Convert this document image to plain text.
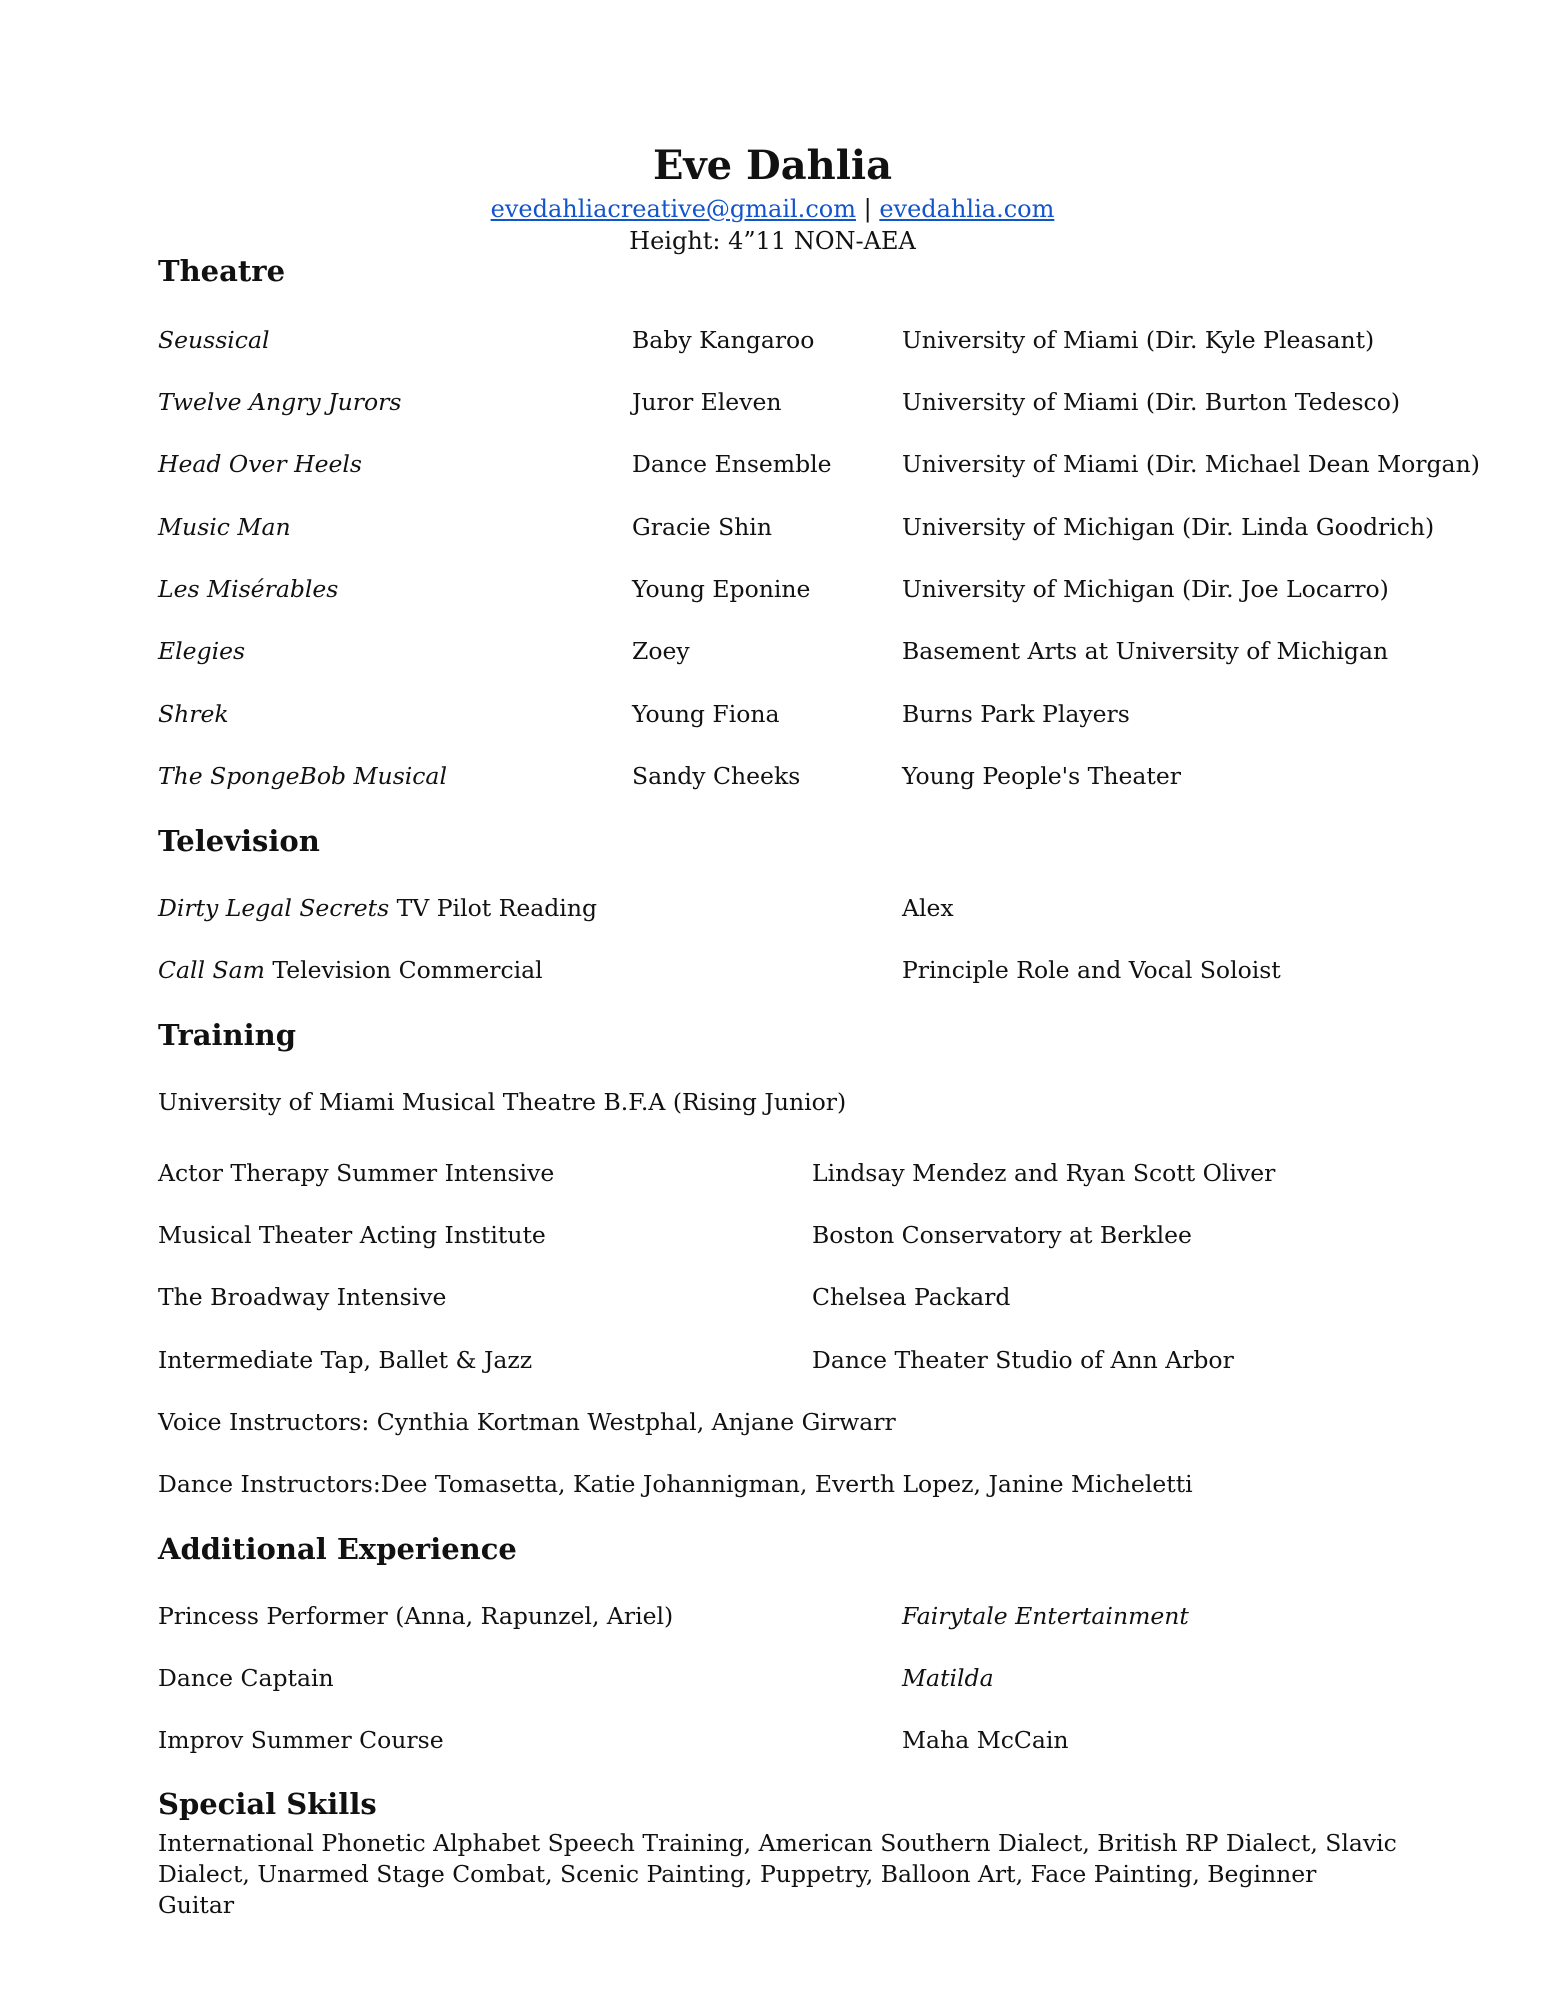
Eve Dahlia
evedahliacreative@gmail.com | evedahlia.com
Height: 4”11 NON-AEA
Theatre
Seussical	Baby Kangaroo	University of Miami (Dir. Kyle Pleasant)
Twelve Angry Jurors	Juror Eleven	University of Miami (Dir. Burton Tedesco)
Head Over Heels	Dance Ensemble	University of Miami (Dir. Michael Dean Morgan)
Music Man	Gracie Shin	University of Michigan (Dir. Linda Goodrich)
Les Misérables	Young Eponine	University of Michigan (Dir. Joe Locarro)
Elegies	Zoey	Basement Arts at University of Michigan
Shrek	Young Fiona	Burns Park Players
The SpongeBob Musical	Sandy Cheeks	Young People's Theater
Television
Dirty Legal Secrets TV Pilot Reading	Alex
Call Sam Television Commercial	Principle Role and Vocal Soloist
Training
University of Miami Musical Theatre B.F.A (Rising Junior)
Actor Therapy Summer Intensive	Lindsay Mendez and Ryan Scott Oliver
Musical Theater Acting Institute	Boston Conservatory at Berklee
The Broadway Intensive	Chelsea Packard
Intermediate Tap, Ballet & Jazz	Dance Theater Studio of Ann Arbor
Voice Instructors: Cynthia Kortman Westphal, Anjane Girwarr
Dance Instructors:Dee Tomasetta, Katie Johannigman, Everth Lopez, Janine Micheletti
Additional Experience
Princess Performer (Anna, Rapunzel, Ariel)	Fairytale Entertainment
Dance Captain	Matilda
Improv Summer Course	Maha McCain
Special Skills
International Phonetic Alphabet Speech Training, American Southern Dialect, British RP Dialect, Slavic Dialect, Unarmed Stage Combat, Scenic Painting, Puppetry, Balloon Art, Face Painting, Beginner Guitar
